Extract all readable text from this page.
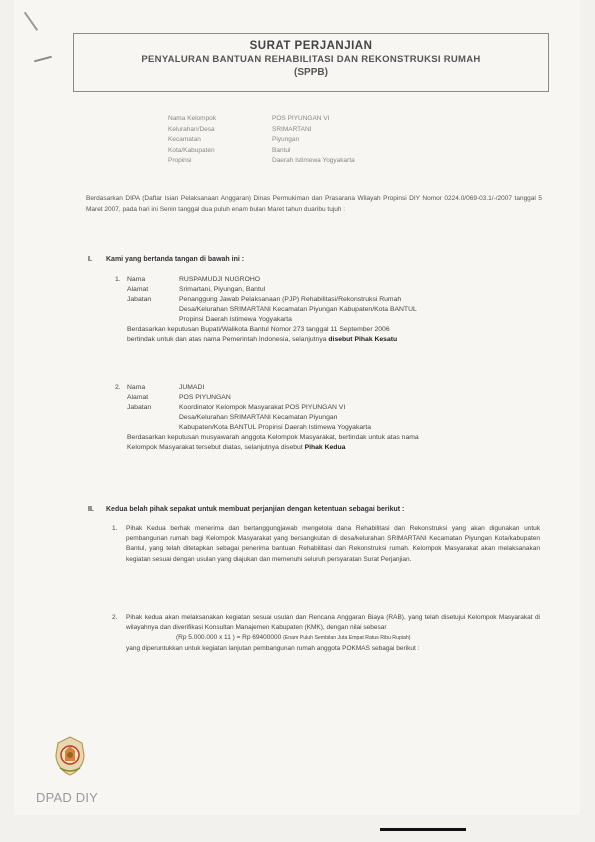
SURAT PERJANJIAN
PENYALURAN BANTUAN REHABILITASI DAN REKONSTRUKSI RUMAH
(SPPB)
Nama Kelompok	POS PIYUNGAN VI
Kelurahan/Desa	SRIMARTANI
Kecamatan	Piyungan
Kota/Kabupaten	Bantul
Propinsi	Daerah Istimewa Yogyakarta
Berdasarkan DIPA (Daftar Isian Pelaksanaan Anggaran) Dinas Permukiman dan Prasarana Wilayah Propinsi DIY Nomor 0224.0/069-03.1/-/2007 tanggal 5 Maret 2007, pada hari ini Senin tanggal dua puluh enam bulan Maret tahun duaribu tujuh :
I. Kami yang bertanda tangan di bawah ini :
1. Nama	RUSPAMUDJI NUGROHO
Alamat	Srimartani, Piyungan, Bantul
Jabatan	Penanggung Jawab Pelaksanaan (PJP) Rehabilitasi/Rekonstruksi Rumah
Desa/Kelurahan SRIMARTANI Kecamatan Piyungan Kabupaten/Kota BANTUL
Propinsi Daerah Istimewa Yogyakarta
Berdasarkan keputusan Bupati/Walikota Bantul Nomor 273 tanggal 11 September 2006
bertindak untuk dan atas nama Pemerintah Indonesia, selanjutnya disebut Pihak Kesatu
2. Nama	JUMADI
Alamat	POS PIYUNGAN
Jabatan	Koordinator Kelompok Masyarakat POS PIYUNGAN VI
Desa/Kelurahan SRIMARTANI Kecamatan Piyungan
Kabupaten/Kota BANTUL Propinsi Daerah Istimewa Yogyakarta
Berdasarkan keputusan musyawarah anggota Kelompok Masyarakat, bertindak untuk atas nama
Kelompok Masyarakat tersebut diatas, selanjutnya disebut Pihak Kedua
II. Kedua belah pihak sepakat untuk membuat perjanjian dengan ketentuan sebagai berikut :
1. Pihak Kedua berhak menerima dan bertanggungjawab mengelola dana Rehabilitasi dan Rekonstruksi yang akan digunakan untuk pembangunan rumah bagi Kelompok Masyarakat yang bersangkutan di desa/kelurahan SRIMARTANI Kecamatan Piyungan Kota/kabupaten Bantul, yang telah ditetapkan sebagai penerima bantuan Rehabilitasi dan Rekonstruksi rumah. Kelompok Masyarakat akan melaksanakan kegiatan sesuai dengan usulan yang diajukan dan memenuhi seluruh persyaratan Surat Perjanjian.
2. Pihak kedua akan melaksanakan kegiatan sesuai usulan dan Rencana Anggaran Biaya (RAB), yang telah disetujui Kelompok Masyarakat di wilayahnya dan diverifikasi Konsultan Manajemen Kabupaten (KMK), dengan nilai sebesar
(Rp 5.000.000 x 11 ) = Rp 69400000 (Enam Puluh Sembilan Juta Empat Ratus Ribu Rupiah)
yang diperuntukkan untuk kegiatan lanjutan pembangunan rumah anggota POKMAS sebagai berikut :
DPAD DIY
